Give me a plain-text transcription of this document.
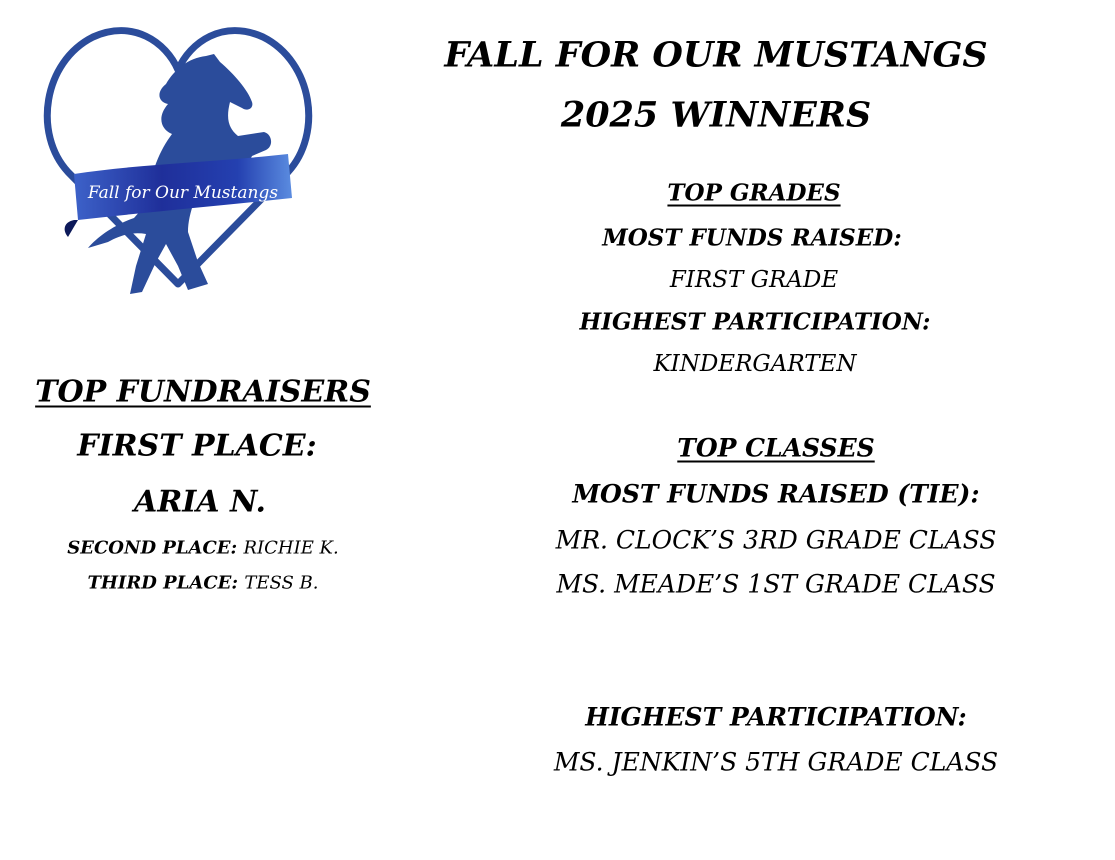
Fall for Our Mustangs
FALL FOR OUR MUSTANGS
2025 WINNERS
TOP GRADES
MOST FUNDS RAISED:
FIRST GRADE
HIGHEST PARTICIPATION:
KINDERGARTEN
TOP CLASSES
MOST FUNDS RAISED (TIE):
MR. CLOCK’S 3RD GRADE CLASS
MS. MEADE’S 1ST GRADE CLASS
HIGHEST PARTICIPATION:
MS. JENKIN’S 5TH GRADE CLASS
TOP FUNDRAISERS
FIRST PLACE:
ARIA N.
SECOND PLACE: RICHIE K.
THIRD PLACE: TESS B.
